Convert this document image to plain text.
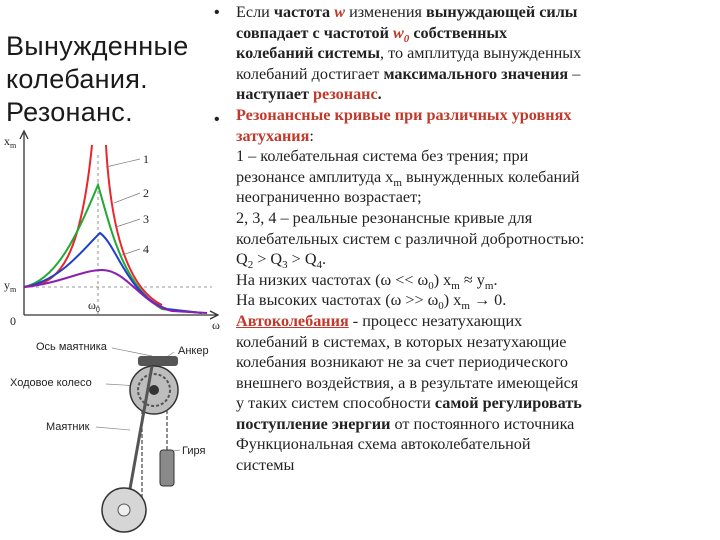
Вынужденные
колебания.
Резонанс.
•
•
Если частота w изменения вынуждающей силы
совпадает с частотой $w_0$ собственных
колебаний системы, то амплитуда вынужденных
колебаний достигает максимального значения –
наступает резонанс.
Резонансные кривые при различных уровнях
затухания:
1 – колебательная система без трения; при
резонансе амплитуда $x_m$ вынужденных колебаний
неограниченно возрастает;
2, 3, 4 – реальные резонансные кривые для
колебательных систем с различной добротностью:
$Q_2 > Q_3 > Q_4$.
На низких частотах $(\omega << \omega_0)$ $x_m \approx y_m$.
На высоких частотах $(\omega >> \omega_0)$ $x_m \to 0$.
Автоколебания - процесс незатухающих
колебаний в системах, в которых незатухающие
колебания возникают не за счет периодического
внешнего воздействия, а в результате имеющейся
у таких систем способности самой регулировать
поступление энергии от постоянного источника
Функциональная схема автоколебательной
системы
$x_m$
$y_m$
0
$\omega_0$
ω
1
2
3
4
Ось маятника	Анкер
Ходовое колесо
Маятник
Гиря
